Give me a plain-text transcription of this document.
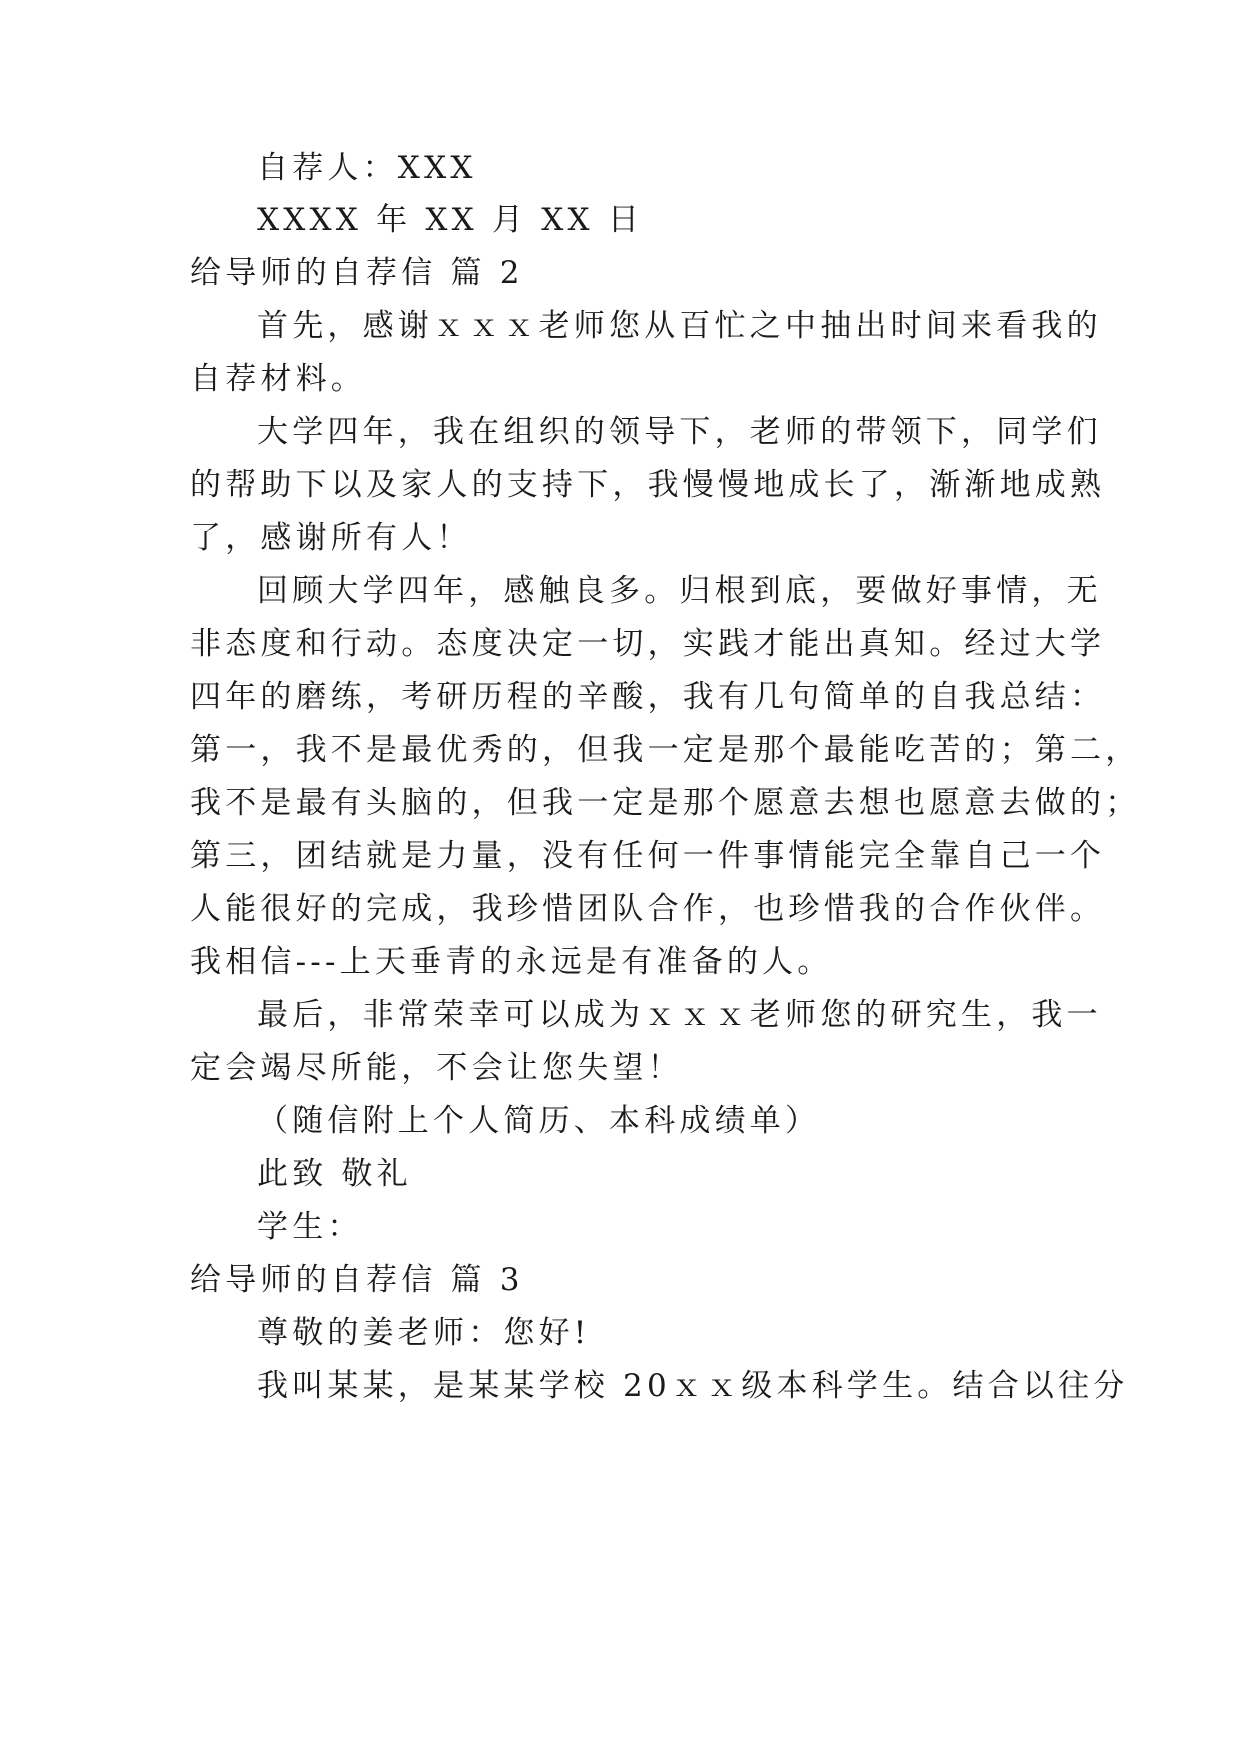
自荐人：XXX
XXXX 年 XX 月 XX 日
给导师的自荐信 篇 2
首先，感谢ｘｘｘ老师您从百忙之中抽出时间来看我的
自荐材料。
大学四年，我在组织的领导下，老师的带领下，同学们
的帮助下以及家人的支持下，我慢慢地成长了，渐渐地成熟
了，感谢所有人！
回顾大学四年，感触良多。归根到底，要做好事情，无
非态度和行动。态度决定一切，实践才能出真知。经过大学
四年的磨练，考研历程的辛酸，我有几句简单的自我总结：
第一，我不是最优秀的，但我一定是那个最能吃苦的；第二，
我不是最有头脑的，但我一定是那个愿意去想也愿意去做的；
第三，团结就是力量，没有任何一件事情能完全靠自己一个
人能很好的完成，我珍惜团队合作，也珍惜我的合作伙伴。
我相信---上天垂青的永远是有准备的人。
最后，非常荣幸可以成为ｘｘｘ老师您的研究生，我一
定会竭尽所能，不会让您失望！
（随信附上个人简历、本科成绩单）
此致 敬礼
学生：
给导师的自荐信 篇 3
尊敬的姜老师：您好!
我叫某某，是某某学校 20ｘｘ级本科学生。结合以往分
